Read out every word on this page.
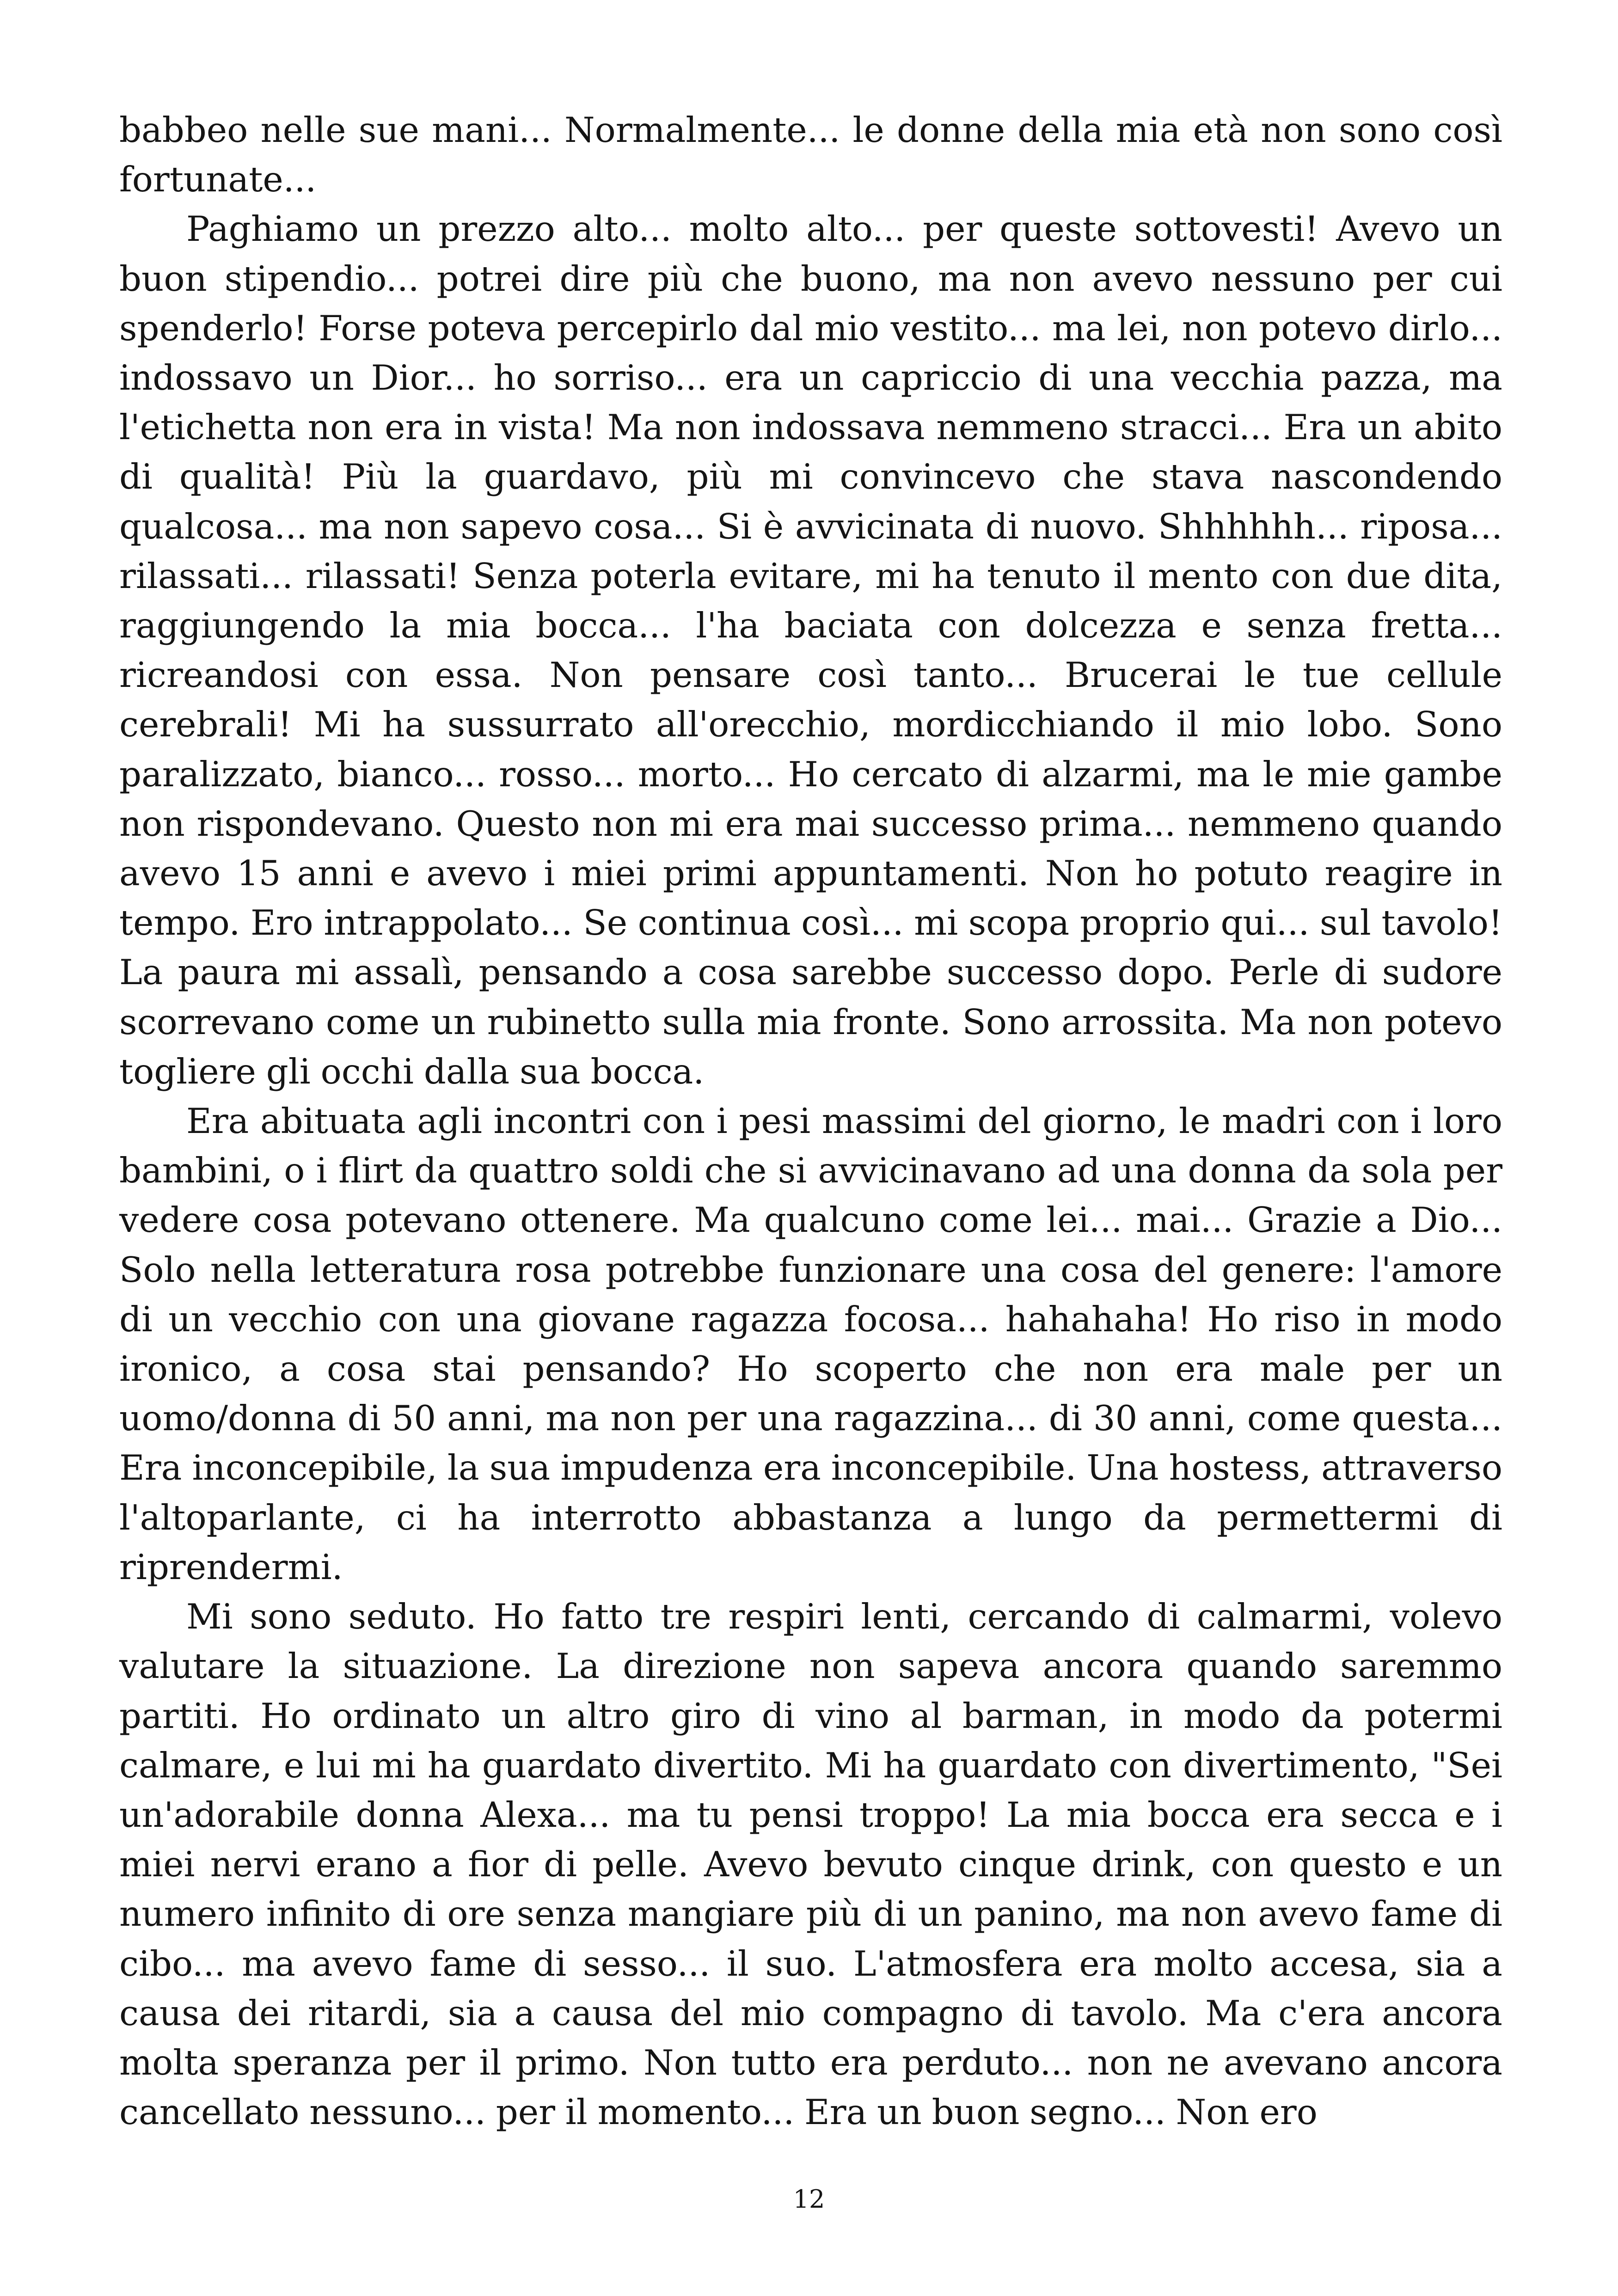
babbeo nelle sue mani... Normalmente... le donne della mia età non sono così fortunate...

Paghiamo un prezzo alto... molto alto... per queste sottovesti! Avevo un buon stipendio... potrei dire più che buono, ma non avevo nessuno per cui spenderlo! Forse poteva percepirlo dal mio vestito... ma lei, non potevo dirlo... indossavo un Dior... ho sorriso... era un capriccio di una vecchia pazza, ma l'etichetta non era in vista! Ma non indossava nemmeno stracci... Era un abito di qualità! Più la guardavo, più mi convincevo che stava nascondendo qualcosa... ma non sapevo cosa... Si è avvicinata di nuovo. Shhhhhh... riposa... rilassati... rilassati! Senza poterla evitare, mi ha tenuto il mento con due dita, raggiungendo la mia bocca... l'ha baciata con dolcezza e senza fretta... ricreandosi con essa. Non pensare così tanto... Brucerai le tue cellule cerebrali! Mi ha sussurrato all'orecchio, mordicchiando il mio lobo. Sono paralizzato, bianco... rosso... morto... Ho cercato di alzarmi, ma le mie gambe non rispondevano. Questo non mi era mai successo prima... nemmeno quando avevo 15 anni e avevo i miei primi appuntamenti. Non ho potuto reagire in tempo. Ero intrappolato... Se continua così... mi scopa proprio qui... sul tavolo! La paura mi assalì, pensando a cosa sarebbe successo dopo. Perle di sudore scorrevano come un rubinetto sulla mia fronte. Sono arrossita. Ma non potevo togliere gli occhi dalla sua bocca.

Era abituata agli incontri con i pesi massimi del giorno, le madri con i loro bambini, o i flirt da quattro soldi che si avvicinavano ad una donna da sola per vedere cosa potevano ottenere. Ma qualcuno come lei... mai... Grazie a Dio... Solo nella letteratura rosa potrebbe funzionare una cosa del genere: l'amore di un vecchio con una giovane ragazza focosa... hahahaha! Ho riso in modo ironico, a cosa stai pensando? Ho scoperto che non era male per un uomo/donna di 50 anni, ma non per una ragazzina... di 30 anni, come questa... Era inconcepibile, la sua impudenza era inconcepibile. Una hostess, attraverso l'altoparlante, ci ha interrotto abbastanza a lungo da permettermi di riprendermi.

Mi sono seduto. Ho fatto tre respiri lenti, cercando di calmarmi, volevo valutare la situazione. La direzione non sapeva ancora quando saremmo partiti. Ho ordinato un altro giro di vino al barman, in modo da potermi calmare, e lui mi ha guardato divertito. Mi ha guardato con divertimento, "Sei un'adorabile donna Alexa... ma tu pensi troppo! La mia bocca era secca e i miei nervi erano a fior di pelle. Avevo bevuto cinque drink, con questo e un numero infinito di ore senza mangiare più di un panino, ma non avevo fame di cibo... ma avevo fame di sesso... il suo. L'atmosfera era molto accesa, sia a causa dei ritardi, sia a causa del mio compagno di tavolo. Ma c'era ancora molta speranza per il primo. Non tutto era perduto... non ne avevano ancora cancellato nessuno... per il momento... Era un buon segno... Non ero

12
